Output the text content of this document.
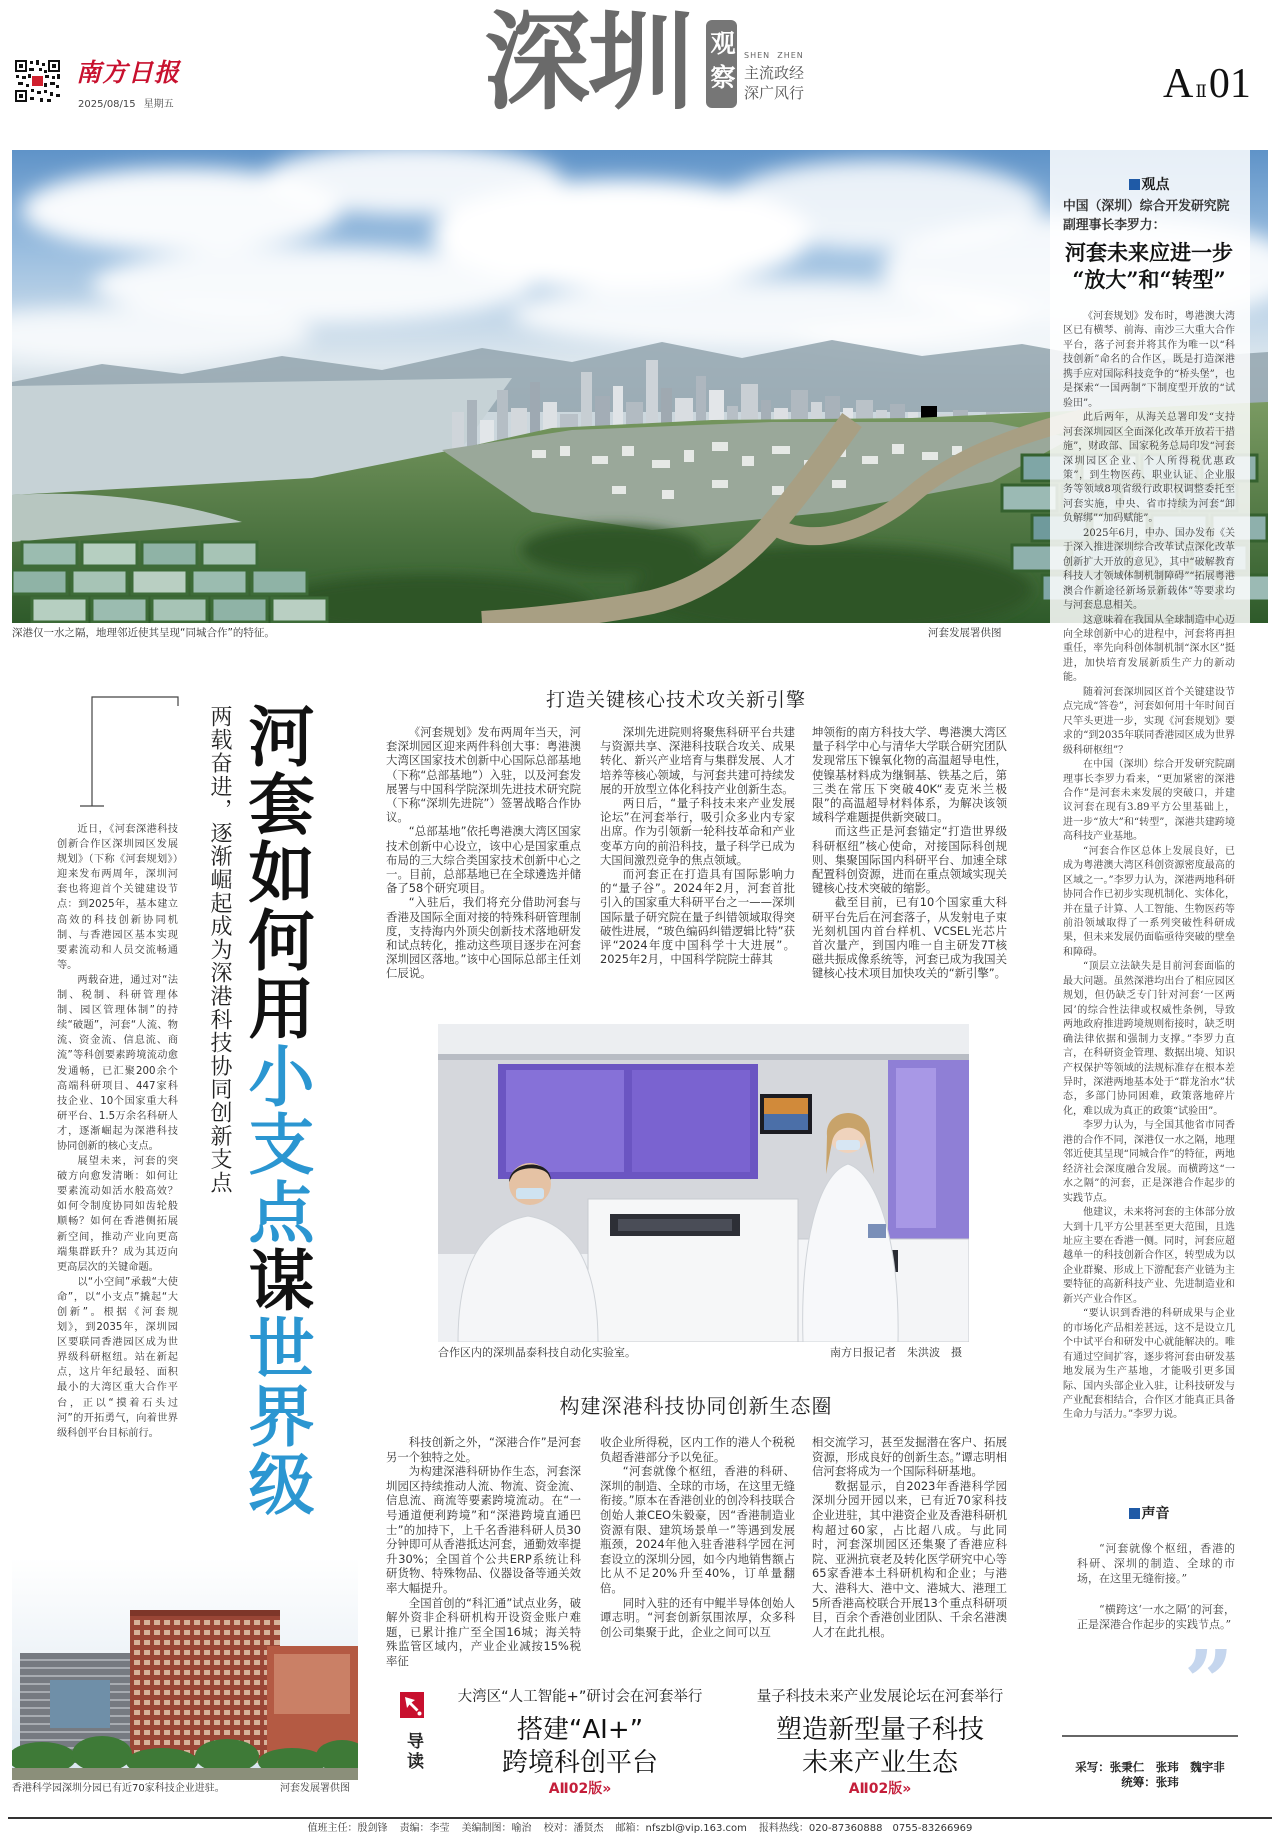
南方日报
2025/08/15 星期五	深圳 观察 SHEN  ZHEN
主流政经
深广风行	A Ⅱ01
深港仅一水之隔，地理邻近使其呈现“同城合作”的特征。	河套发展署供图
观点
中国（深圳）综合开发研究院
副理事长李罗力：
河套未来应进一步
“放大”和“转型”

《河套规划》发布时，粤港澳大湾区已有横琴、前海、南沙三大重大合作平台，落子河套并将其作为唯一以“科技创新”命名的合作区，既是打造深港携手应对国际科技竞争的“桥头堡”，也是探索“一国两制”下制度型开放的“试验田”。

此后两年，从海关总署印发“支持河套深圳园区全面深化改革开放若干措施”，财政部、国家税务总局印发“河套深圳园区企业、个人所得税优惠政策”，到生物医药、职业认证、企业服务等领域8项省级行政职权调整委托至河套实施，中央、省市持续为河套“卸负解绑”“加码赋能”。

2025年6月，中办、国办发布《关于深入推进深圳综合改革试点深化改革创新扩大开放的意见》，其中“破解教育科技人才领域体制机制障碍”“拓展粤港澳合作新途径新场景新载体”等要求均与河套息息相关。

这意味着在我国从全球制造中心迈向全球创新中心的进程中，河套将再担重任，率先向科创体制机制“深水区”挺进，加快培育发展新质生产力的新动能。

随着河套深圳园区首个关键建设节点完成“答卷”，河套如何用十年时间百尺竿头更进一步，实现《河套规划》要求的“到2035年联同香港园区成为世界级科研枢纽”？

在中国（深圳）综合开发研究院副理事长李罗力看来，“更加紧密的深港合作”是河套未来发展的突破口，并建议河套在现有3.89平方公里基础上，进一步“放大”和“转型”，深港共建跨境高科技产业基地。

“河套合作区总体上发展良好，已成为粤港澳大湾区科创资源密度最高的区域之一。”李罗力认为，深港两地科研协同合作已初步实现机制化、实体化，并在量子计算、人工智能、生物医药等前沿领域取得了一系列突破性科研成果，但未来发展仍面临亟待突破的壁垒和障碍。

“顶层立法缺失是目前河套面临的最大问题。虽然深港均出台了相应园区规划，但仍缺乏专门针对河套‘一区两园’的综合性法律或权威性条例，导致两地政府推进跨境规则衔接时，缺乏明确法律依据和强制力支撑。”李罗力直言，在科研资金管理、数据出境、知识产权保护等领域的法规标准存在根本差异时，深港两地基本处于“群龙治水”状态，多部门协同困难，政策落地碎片化，难以成为真正的政策“试验田”。

李罗力认为，与全国其他省市同香港的合作不同，深港仅一水之隔，地理邻近使其呈现“同城合作”的特征，两地经济社会深度融合发展。而横跨这“一水之隔”的河套，正是深港合作起步的实践节点。

他建议，未来将河套的主体部分放大到十几平方公里甚至更大范围，且选址应主要在香港一侧。同时，河套应超越单一的科技创新合作区，转型成为以企业群聚、形成上下游配套产业链为主要特征的高新科技产业、先进制造业和新兴产业合作区。

“要认识到香港的科研成果与企业的市场化产品相差甚远，这不是设立几个中试平台和研发中心就能解决的。唯有通过空间扩容，逐步将河套由研发基地发展为生产基地，才能吸引更多国际、国内头部企业入驻，让科技研发与产业配套相结合，合作区才能真正具备生命力与活力。”李罗力说。

声音

“河套就像个枢纽，香港的科研、深圳的制造、全球的市场，在这里无缝衔接。”

“横跨这‘一水之隔’的河套，正是深港合作起步的实践节点。”

”
采写：张秉仁　张玮　魏宇非
统筹：张玮
河套如何用小支点谋世界级
两载奋进，逐渐崛起成为深港科技协同创新支点

近日，《河套深港科技创新合作区深圳园区发展规划》（下称《河套规划》）迎来发布两周年，深圳河套也将迎首个关键建设节点：到2025年，基本建立高效的科技创新协同机制、与香港园区基本实现要素流动和人员交流畅通等。

两载奋进，通过对“法制、税制、科研管理体制、园区管理体制”的持续“破题”，河套“人流、物流、资金流、信息流、商流”等科创要素跨境流动愈发通畅，已汇聚200余个高端科研项目、447家科技企业、10个国家重大科研平台、1.5万余名科研人才，逐渐崛起为深港科技协同创新的核心支点。

展望未来，河套的突破方向愈发清晰：如何让要素流动如活水般高效？如何令制度协同如齿轮般顺畅？如何在香港侧拓展新空间，推动产业向更高端集群跃升？成为其迈向更高层次的关键命题。

以“小空间”承载“大使命”，以“小支点”撬起“大创新”。根据《河套规划》，到2035年，深圳园区要联同香港园区成为世界级科研枢纽。站在新起点，这片年纪最轻、面积最小的大湾区重大合作平台，正以“摸着石头过河”的开拓勇气，向着世界级科创平台目标前行。

打造关键核心技术攻关新引擎

《河套规划》发布两周年当天，河套深圳园区迎来两件科创大事：粤港澳大湾区国家技术创新中心国际总部基地（下称“总部基地”）入驻，以及河套发展署与中国科学院深圳先进技术研究院（下称“深圳先进院”）签署战略合作协议。

“总部基地”依托粤港澳大湾区国家技术创新中心设立，该中心是国家重点布局的三大综合类国家技术创新中心之一。目前，总部基地已在全球遴选并储备了58个研究项目。

“入驻后，我们将充分借助河套与香港及国际全面对接的特殊科研管理制度，支持海内外顶尖创新技术落地研发和试点转化，推动这些项目逐步在河套深圳园区落地。”该中心国际总部主任刘仁辰说。

深圳先进院则将聚焦科研平台共建与资源共享、深港科技联合攻关、成果转化、新兴产业培育与集群发展、人才培养等核心领域，与河套共建可持续发展的开放型立体化科技产业创新生态。

两日后，“量子科技未来产业发展论坛”在河套举行，吸引众多业内专家出席。作为引领新一轮科技革命和产业变革方向的前沿科技，量子科学已成为大国间激烈竞争的焦点领域。

而河套正在打造具有国际影响力的“量子谷”。2024年2月，河套首批引入的国家重大科研平台之一——深圳国际量子研究院在量子纠错领域取得突破性进展，“玻色编码纠错逻辑比特”获评“2024年度中国科学十大进展”。2025年2月，中国科学院院士薛其

坤领衔的南方科技大学、粤港澳大湾区量子科学中心与清华大学联合研究团队发现常压下镍氧化物的高温超导电性，使镍基材料成为继铜基、铁基之后，第三类在常压下突破40K“麦克米兰极限”的高温超导材料体系，为解决该领域科学难题提供新突破口。

而这些正是河套锚定“打造世界级科研枢纽”核心使命，对接国际科创规则、集聚国际国内科研平台、加速全球配置科创资源，进而在重点领域实现关键核心技术突破的缩影。

截至目前，已有10个国家重大科研平台先后在河套落子，从发射电子束光刻机国内首台样机、VCSEL光芯片首次量产，到国内唯一自主研发7T核磁共振成像系统等，河套已成为我国关键核心技术项目加快攻关的“新引擎”。

合作区内的深圳晶泰科技自动化实验室。	南方日报记者　朱洪波　摄
构建深港科技协同创新生态圈

科技创新之外，“深港合作”是河套另一个独特之处。

为构建深港科研协作生态，河套深圳园区持续推动人流、物流、资金流、信息流、商流等要素跨境流动。在“一号通道便利跨境”和“深港跨境直通巴士”的加持下，上千名香港科研人员30分钟即可从香港抵达河套，通勤效率提升30%；全国首个公共ERP系统让科研货物、特殊物品、仪器设备等通关效率大幅提升。

全国首创的“科汇通”试点业务，破解外资非企科研机构开设资金账户难题，已累计推广至全国16城；海关特殊监管区域内，产业企业减按15%税率征

收企业所得税，区内工作的港人个税税负超香港部分予以免征。

“河套就像个枢纽，香港的科研、深圳的制造、全球的市场，在这里无缝衔接。”原本在香港创业的创冷科技联合创始人兼CEO朱毅豪，因“香港制造业资源有限、建筑场景单一”等遇到发展瓶颈，2024年他入驻香港科学园在河套设立的深圳分园，如今内地销售额占比从不足20%升至40%，订单量翻倍。

同时入驻的还有中鲲半导体创始人谭志明。“河套创新氛围浓厚，众多科创公司集聚于此，企业之间可以互

相交流学习，甚至发掘潜在客户、拓展资源，形成良好的创新生态。”谭志明相信河套将成为一个国际科研基地。

数据显示，自2023年香港科学园深圳分园开园以来，已有近70家科技企业进驻，其中港资企业及香港科研机构超过60家，占比超八成。与此同时，河套深圳园区还集聚了香港应科院、亚洲抗衰老及转化医学研究中心等65家香港本土科研机构和企业；与港大、港科大、港中文、港城大、港理工5所香港高校联合开展13个重点科研项目，百余个香港创业团队、千余名港澳人才在此扎根。

香港科学园深圳分园已有近70家科技企业进驻。	河套发展署供图
导读
大湾区“人工智能+”研讨会在河套举行
搭建“AI+”
跨境科创平台
AⅡ02版»
量子科技未来产业发展论坛在河套举行
塑造新型量子科技
未来产业生态
AⅡ02版»
值班主任：殷剑锋 责编：李莹 美编制图：喻治 校对：潘贤杰 邮箱：nfszbl@vip.163.com 报料热线：020-87360888　0755-83266969
